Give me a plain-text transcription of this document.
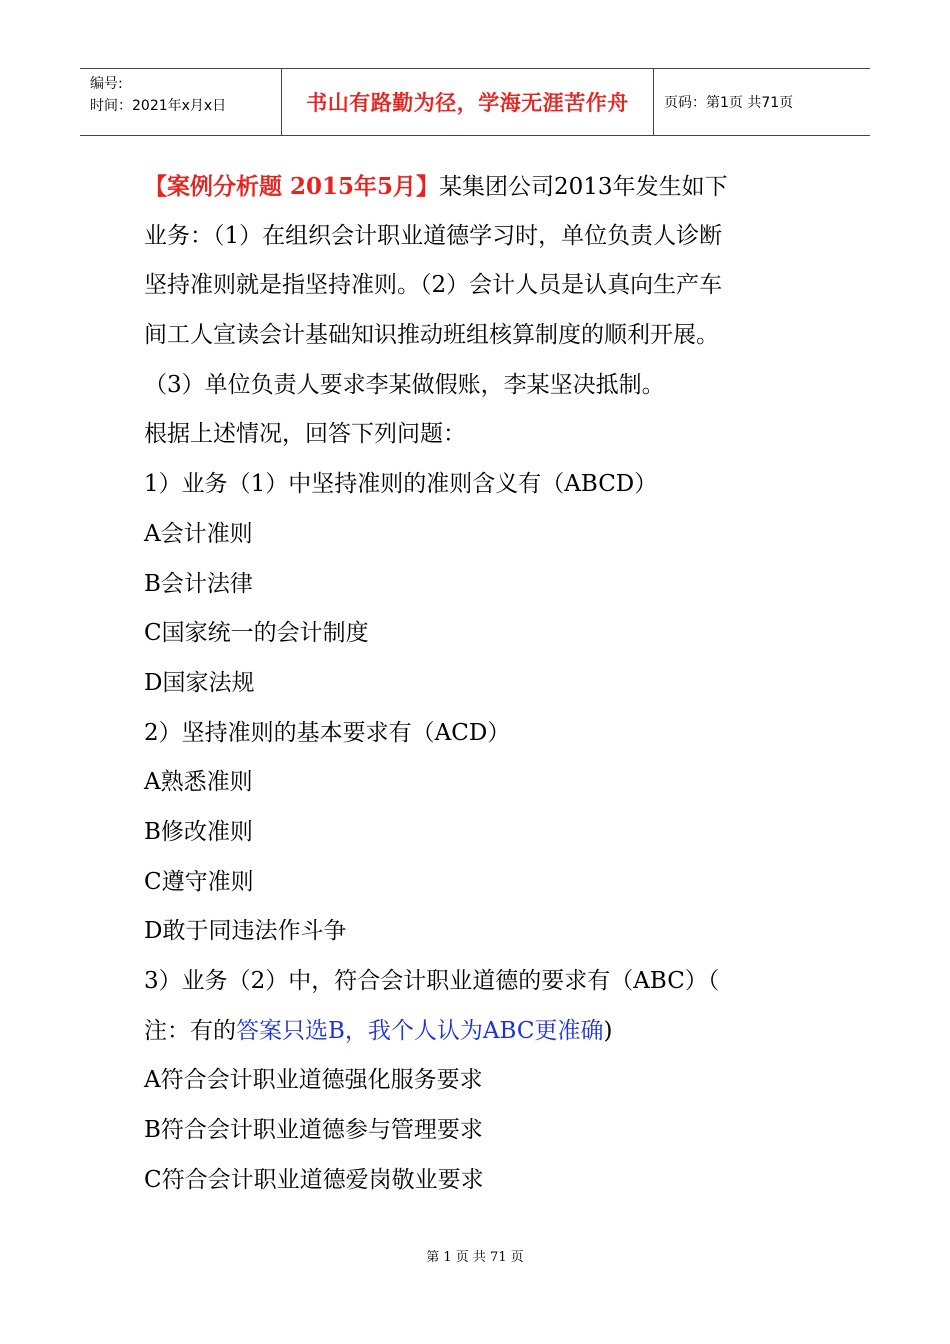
编号:
时间：2021年x月x日	书山有路勤为径，学海无涯苦作舟	页码：第1页 共71页
【案例分析题 2015年5月】某集团公司2013年发生如下
业务：（1）在组织会计职业道德学习时，单位负责人诊断
坚持准则就是指坚持准则。（2）会计人员是认真向生产车
间工人宣读会计基础知识推动班组核算制度的顺利开展。
（3）单位负责人要求李某做假账，李某坚决抵制。
根据上述情况，回答下列问题：
1）业务（1）中坚持准则的准则含义有（ABCD）
A会计准则
B会计法律
C国家统一的会计制度
D国家法规
2）坚持准则的基本要求有（ACD）
A熟悉准则
B修改准则
C遵守准则
D敢于同违法作斗争
3）业务（2）中，符合会计职业道德的要求有（ABC）（
注：有的答案只选B，我个人认为ABC更准确)
A符合会计职业道德强化服务要求
B符合会计职业道德参与管理要求
C符合会计职业道德爱岗敬业要求
第 1 页 共 71 页
